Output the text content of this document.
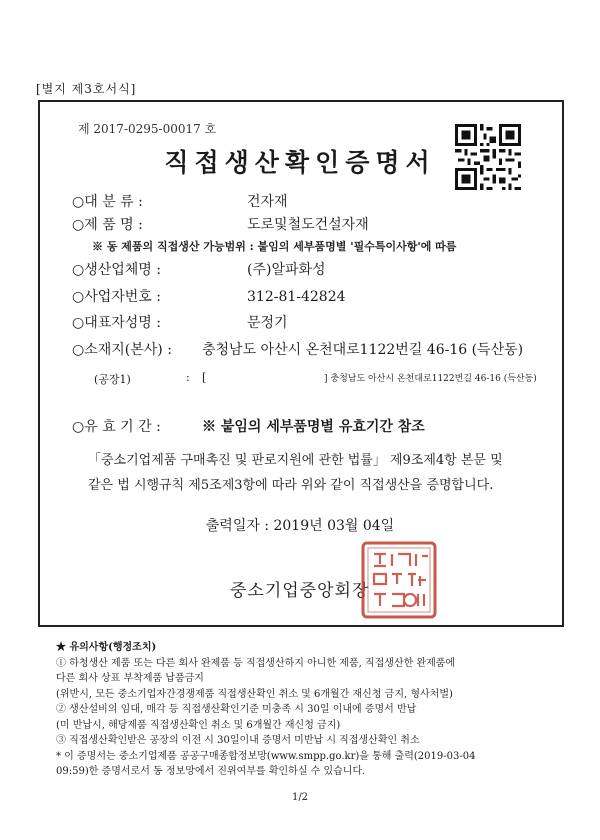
[별지 제3호서식]
제 2017-0295-00017 호
직접생산확인증명서
○대 분 류 :	건자재
○제 품 명 :	도로및철도건설자재
※ 동 제품의 직접생산 가능범위 : 붙임의 세부품명별 '필수특이사항'에 따름
○생산업체명 :	(주)알파화성
○사업자번호 :	312-81-42824
○대표자성명 :	문정기
○소재지(본사) :	충청남도 아산시 온천대로1122번길 46-16 (득산동)
(공장1)	: [	] 충청남도 아산시 온천대로1122번길 46-16 (득산동)
○유 효 기 간 :	※ 붙임의 세부품명별 유효기간 참조
「중소기업제품 구매촉진 및 판로지원에 관한 법률」 제9조제4항 본문 및
같은 법 시행규칙 제5조제3항에 따라 위와 같이 직접생산을 증명합니다.
출력일자 : 2019년 03월 04일
중소기업중앙회장
★ 유의사항(행정조치)
① 하청생산 제품 또는 다른 회사 완제품 등 직접생산하지 아니한 제품, 직접생산한 완제품에
다른 회사 상표 부착제품 납품금지
(위반시, 모든 중소기업자간경쟁제품 직접생산확인 취소 및 6개월간 재신청 금지, 형사처벌)
② 생산설비의 임대, 매각 등 직접생산확인기준 미충족 시 30일 이내에 증명서 반납
(미 반납시, 해당제품 직접생산확인 취소 및 6개월간 재신청 금지)
③ 직접생산확인받은 공장의 이전 시 30일이내 증명서 미반납 시 직접생산확인 취소
* 이 증명서는 중소기업제품 공공구매종합정보망(www.smpp.go.kr)을 통해 출력(2019-03-04
09:59)한 증명서로서 동 정보망에서 진위여부를 확인하실 수 있습니다.
1/2
